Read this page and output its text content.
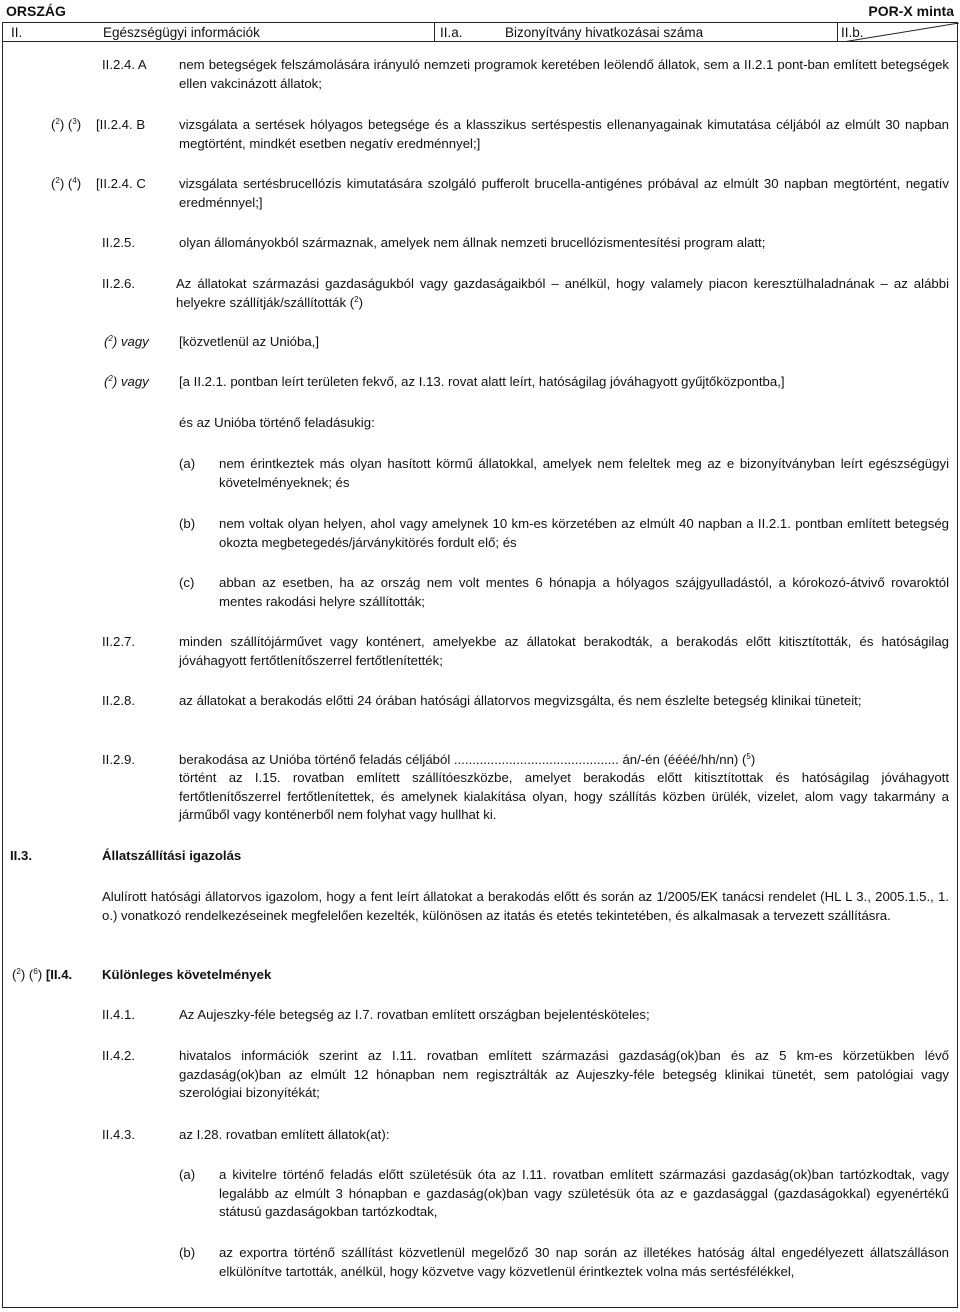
ORSZÁG	POR-X minta
II.	Egészségügyi információk	II.a.	Bizonyítvány hivatkozásai száma	II.b.
II.2.4. A nem betegségek felszámolására irányuló nemzeti programok keretében leölendő állatok, sem a II.2.1 pont-ban említett betegségek ellen vakcinázott állatok;
($^2$) ($^3$) [II.2.4. B	vizsgálata a sertések hólyagos betegsége és a klasszikus sertéspestis ellenanyagainak kimutatása céljából az elmúlt 30 napban megtörtént, mindkét esetben negatív eredménnyel;]
($^2$) ($^4$) [II.2.4. C	vizsgálata sertésbrucellózis kimutatására szolgáló pufferolt brucella-antigénes próbával az elmúlt 30 napban megtörtént, negatív eredménnyel;]
II.2.5.	olyan állományokból származnak, amelyek nem állnak nemzeti brucellózismentesítési program alatt;
II.2.6.	Az állatokat származási gazdaságukból vagy gazdaságaikból – anélkül, hogy valamely piacon keresztülhaladnának – az alábbi helyekre szállítják/szállították ($^2$)
($^2$) vagy [közvetlenül az Unióba,]
($^2$) vagy [a II.2.1. pontban leírt területen fekvő, az I.13. rovat alatt leírt, hatóságilag jóváhagyott gyűjtőközpontba,]
és az Unióba történő feladásukig:
(a) nem érintkeztek más olyan hasított körmű állatokkal, amelyek nem feleltek meg az e bizonyítványban leírt egészségügyi követelményeknek; és
(b) nem voltak olyan helyen, ahol vagy amelynek 10 km-es körzetében az elmúlt 40 napban a II.2.1. pontban említett betegség okozta megbetegedés/járványkitörés fordult elő; és
(c) abban az esetben, ha az ország nem volt mentes 6 hónapja a hólyagos szájgyulladástól, a kórokozó-átvivő rovaroktól mentes rakodási helyre szállították;
II.2.7.	minden szállítójárművet vagy konténert, amelyekbe az állatokat berakodták, a berakodás előtt kitisztították, és hatóságilag jóváhagyott fertőtlenítőszerrel fertőtlenítették;
II.2.8.	az állatokat a berakodás előtti 24 órában hatósági állatorvos megvizsgálta, és nem észlelte betegség klinikai tüneteit;
II.2.9.	berakodása az Unióba történő feladás céljából ............................................. án/-én (éééé/hh/nn) ($^5$)
történt az I.15. rovatban említett szállítóeszközbe, amelyet berakodás előtt kitisztítottak és hatóságilag jóváhagyott fertőtlenítőszerrel fertőtlenítettek, és amelynek kialakítása olyan, hogy szállítás közben ürülék, vizelet, alom vagy takarmány a járműből vagy konténerből nem folyhat vagy hullhat ki.
II.3.	Állatszállítási igazolás
Alulírott hatósági állatorvos igazolom, hogy a fent leírt állatokat a berakodás előtt és során az 1/2005/EK tanácsi rendelet (HL L 3., 2005.1.5., 1. o.) vonatkozó rendelkezéseinek megfelelően kezelték, különösen az itatás és etetés tekintetében, és alkalmasak a tervezett szállításra.
($^2$) ($^6$) [II.4. Különleges követelmények
II.4.1.	Az Aujeszky-féle betegség az I.7. rovatban említett országban bejelentésköteles;
II.4.2.	hivatalos információk szerint az I.11. rovatban említett származási gazdaság(ok)ban és az 5 km-es körzetükben lévő gazdaság(ok)ban az elmúlt 12 hónapban nem regisztrálták az Aujeszky-féle betegség klinikai tünetét, sem patológiai vagy szerológiai bizonyítékát;
II.4.3.	az I.28. rovatban említett állatok(at):
(a) a kivitelre történő feladás előtt születésük óta az I.11. rovatban említett származási gazdaság(ok)ban tartózkodtak, vagy legalább az elmúlt 3 hónapban e gazdaság(ok)ban vagy születésük óta az e gazdasággal (gazdaságokkal) egyenértékű státusú gazdaságokban tartózkodtak,
(b) az exportra történő szállítást közvetlenül megelőző 30 nap során az illetékes hatóság által engedélyezett állatszálláson elkülönítve tartották, anélkül, hogy közvetve vagy közvetlenül érintkeztek volna más sertésfélékkel,
